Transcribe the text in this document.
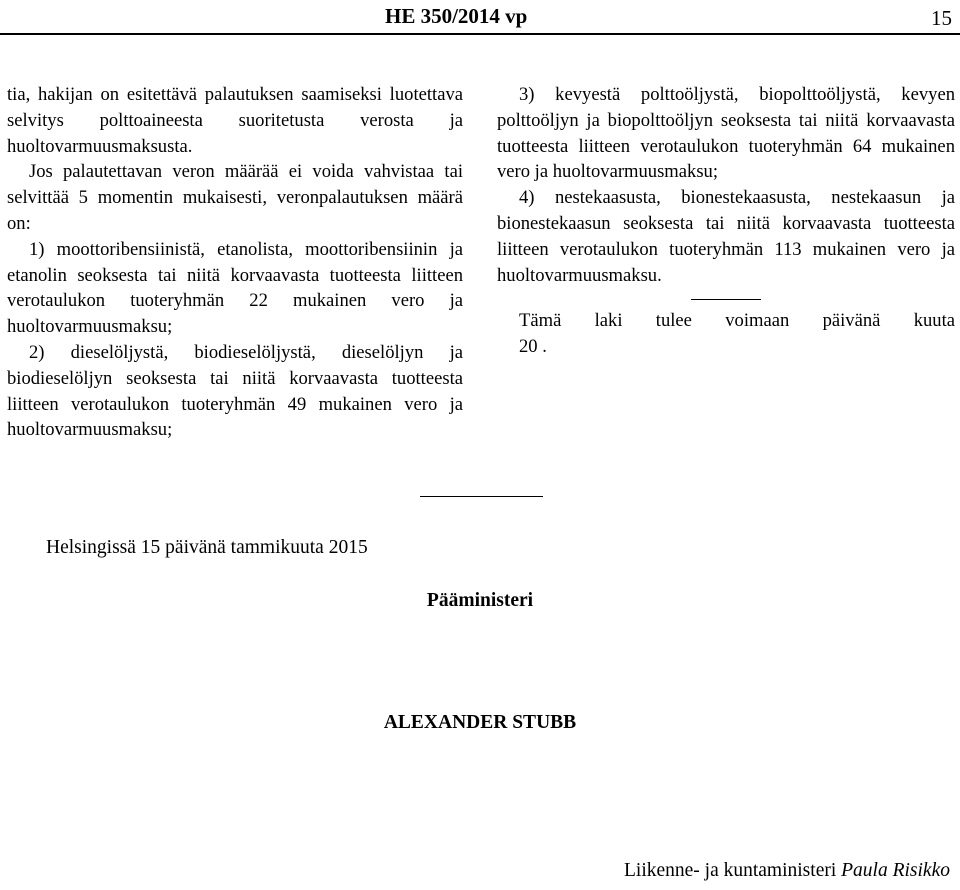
HE 350/2014 vp	15

tia, hakijan on esitettävä palautuksen saamiseksi luotettava selvitys polttoaineesta suoritetusta verosta ja huoltovarmuusmaksusta.

Jos palautettavan veron määrää ei voida vahvistaa tai selvittää 5 momentin mukaisesti, veronpalautuksen määrä on:

1) moottoribensiinistä, etanolista, moottoribensiinin ja etanolin seoksesta tai niitä korvaavasta tuotteesta liitteen verotaulukon tuoteryhmän 22 mukainen vero ja huoltovarmuusmaksu;

2) dieselöljystä, biodieselöljystä, dieselöljyn ja biodieselöljyn seoksesta tai niitä korvaavasta tuotteesta liitteen verotaulukon tuoteryhmän 49 mukainen vero ja huoltovarmuusmaksu;

3) kevyestä polttoöljystä, biopolttoöljystä, kevyen polttoöljyn ja biopolttoöljyn seoksesta tai niitä korvaavasta tuotteesta liitteen verotaulukon tuoteryhmän 64 mukainen vero ja huoltovarmuusmaksu;

4) nestekaasusta, bionestekaasusta, nestekaasun ja bionestekaasun seoksesta tai niitä korvaavasta tuotteesta liitteen verotaulukon tuoteryhmän 113 mukainen vero ja huoltovarmuusmaksu.

Tämä laki tulee voimaan päivänä kuuta

20 .

Helsingissä 15 päivänä tammikuuta 2015
Pääministeri
ALEXANDER STUBB
Liikenne- ja kuntaministeri Paula Risikko
